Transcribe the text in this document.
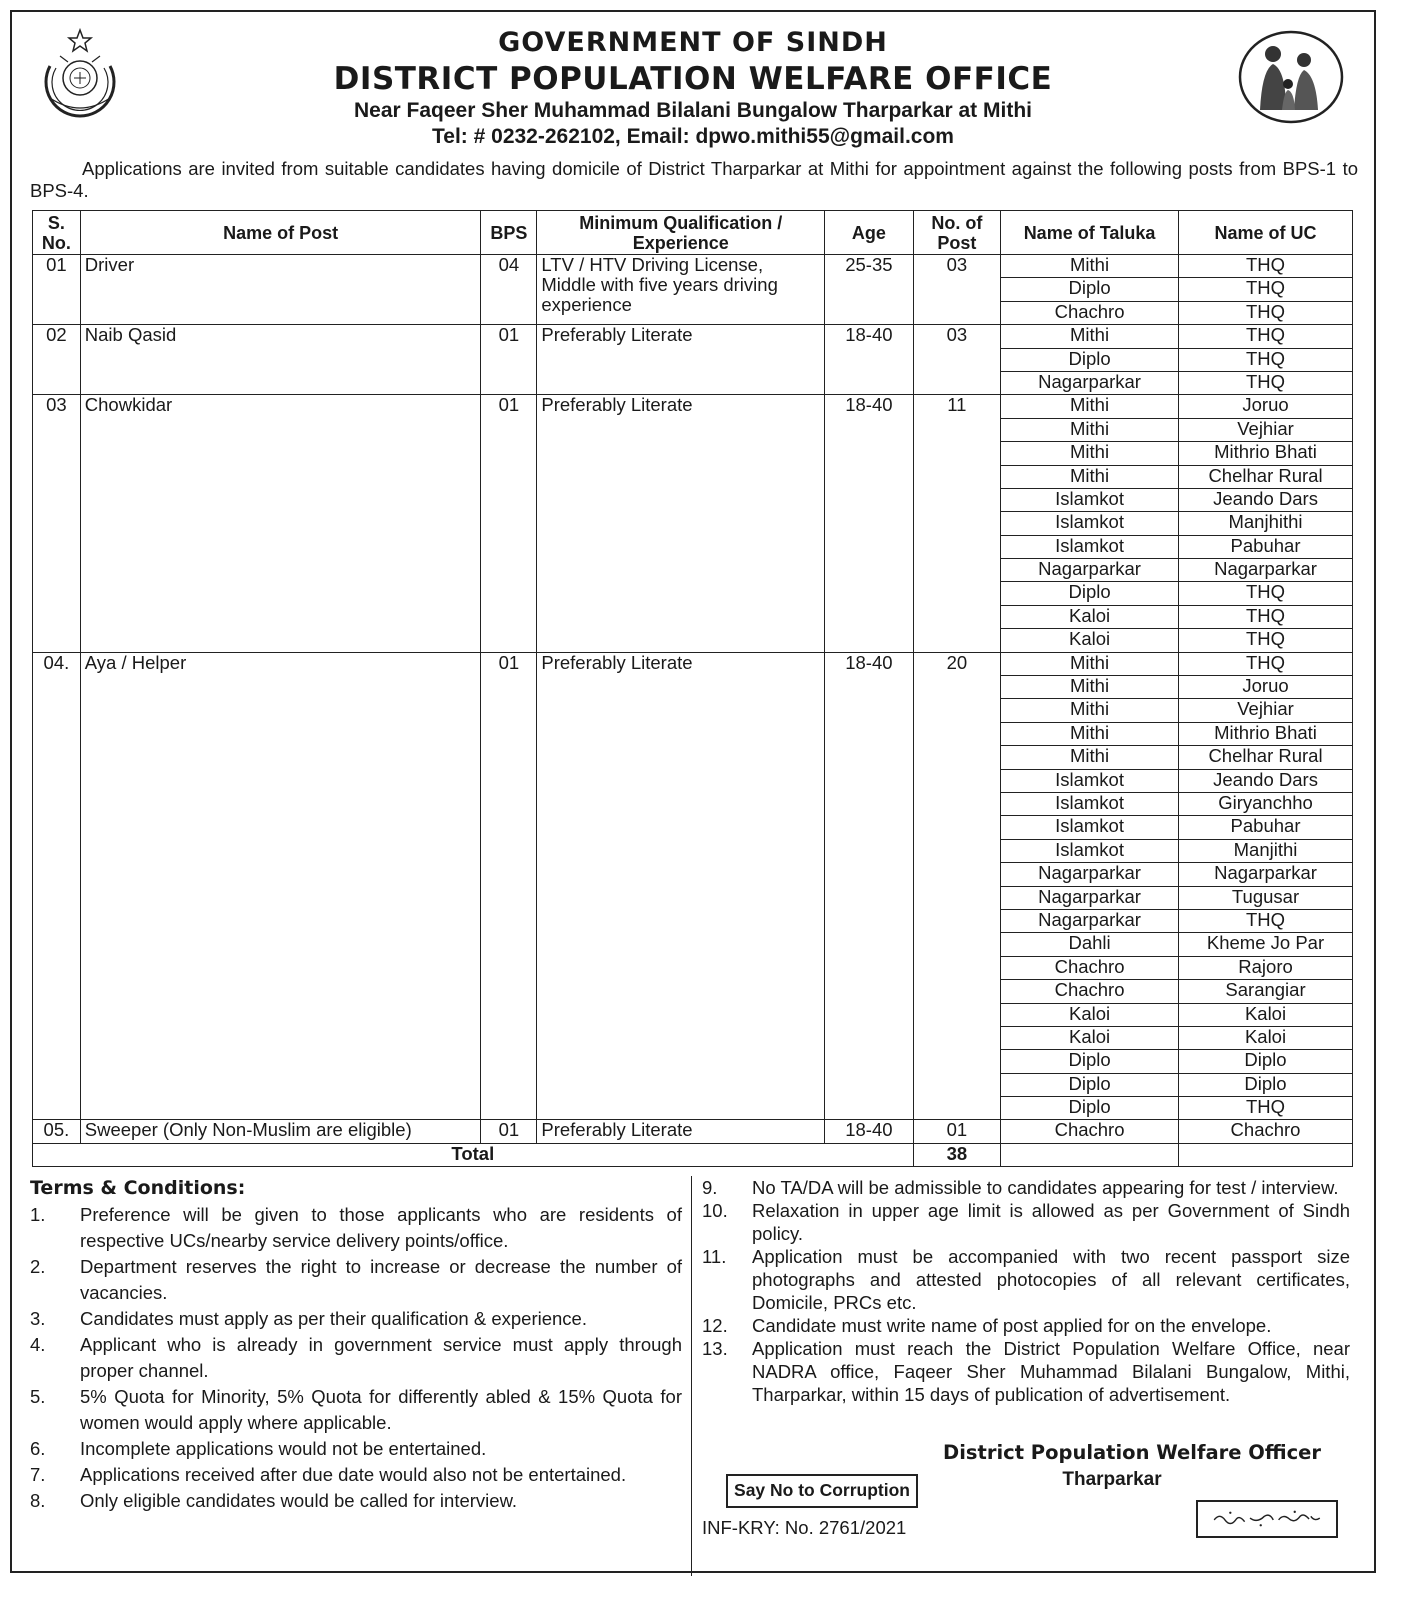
GOVERNMENT OF SINDH
DISTRICT POPULATION WELFARE OFFICE
Near Faqeer Sher Muhammad Bilalani Bungalow Tharparkar at Mithi
Tel: # 0232-262102, Email: dpwo.mithi55@gmail.com
Applications are invited from suitable candidates having domicile of District Tharparkar at Mithi for appointment against the following posts from BPS-1 to BPS-4.
S. No.	Name of Post	BPS	Minimum Qualification / Experience	Age	No. of Post	Name of Taluka	Name of UC
01	Driver	04	LTV / HTV Driving License, Middle with five years driving experience	25-35	03	Mithi	THQ
						Diplo	THQ
						Chachro	THQ
02	Naib Qasid	01	Preferably Literate	18-40	03	Mithi	THQ
						Diplo	THQ
						Nagarparkar	THQ
03	Chowkidar	01	Preferably Literate	18-40	11	Mithi	Joruo
						Mithi	Vejhiar
						Mithi	Mithrio Bhati
						Mithi	Chelhar Rural
						Islamkot	Jeando Dars
						Islamkot	Manjhithi
						Islamkot	Pabuhar
						Nagarparkar	Nagarparkar
						Diplo	THQ
						Kaloi	THQ
						Kaloi	THQ
04.	Aya / Helper	01	Preferably Literate	18-40	20	Mithi	THQ
						Mithi	Joruo
						Mithi	Vejhiar
						Mithi	Mithrio Bhati
						Mithi	Chelhar Rural
						Islamkot	Jeando Dars
						Islamkot	Giryanchho
						Islamkot	Pabuhar
						Islamkot	Manjithi
						Nagarparkar	Nagarparkar
						Nagarparkar	Tugusar
						Nagarparkar	THQ
						Dahli	Kheme Jo Par
						Chachro	Rajoro
						Chachro	Sarangiar
						Kaloi	Kaloi
						Kaloi	Kaloi
						Diplo	Diplo
						Diplo	Diplo
						Diplo	THQ
05.	Sweeper (Only Non-Muslim are eligible)	01	Preferably Literate	18-40	01	Chachro	Chachro
Total					38		
Terms & Conditions:
1.	Preference will be given to those applicants who are residents of respective UCs/nearby service delivery points/office.
2.	Department reserves the right to increase or decrease the number of vacancies.
3.	Candidates must apply as per their qualification & experience.
4.	Applicant who is already in government service must apply through proper channel.
5.	5% Quota for Minority, 5% Quota for differently abled & 15% Quota for women would apply where applicable.
6.	Incomplete applications would not be entertained.
7.	Applications received after due date would also not be entertained.
8.	Only eligible candidates would be called for interview.
9.	No TA/DA will be admissible to candidates appearing for test / interview.
10.	Relaxation in upper age limit is allowed as per Government of Sindh policy.
11.	Application must be accompanied with two recent passport size photographs and attested photocopies of all relevant certificates, Domicile, PRCs etc.
12.	Candidate must write name of post applied for on the envelope.
13.	Application must reach the District Population Welfare Office, near NADRA office, Faqeer Sher Muhammad Bilalani Bungalow, Mithi, Tharparkar, within 15 days of publication of advertisement.
District Population Welfare Officer
Tharparkar
Say No to Corruption
INF-KRY: No. 2761/2021
